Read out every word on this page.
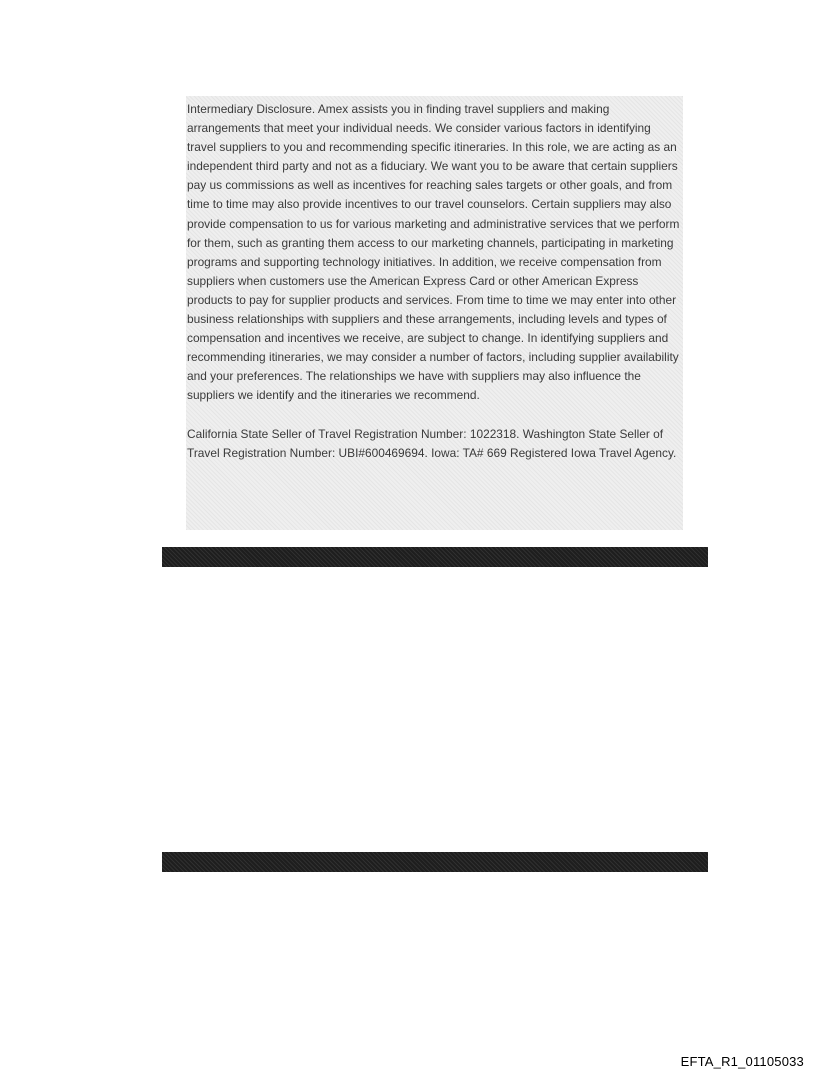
Intermediary Disclosure. Amex assists you in finding travel suppliers and making arrangements that meet your individual needs. We consider various factors in identifying travel suppliers to you and recommending specific itineraries. In this role, we are acting as an independent third party and not as a fiduciary. We want you to be aware that certain suppliers pay us commissions as well as incentives for reaching sales targets or other goals, and from time to time may also provide incentives to our travel counselors. Certain suppliers may also provide compensation to us for various marketing and administrative services that we perform for them, such as granting them access to our marketing channels, participating in marketing programs and supporting technology initiatives. In addition, we receive compensation from suppliers when customers use the American Express Card or other American Express products to pay for supplier products and services. From time to time we may enter into other business relationships with suppliers and these arrangements, including levels and types of compensation and incentives we receive, are subject to change. In identifying suppliers and recommending itineraries, we may consider a number of factors, including supplier availability and your preferences. The relationships we have with suppliers may also influence the suppliers we identify and the itineraries we recommend.

California State Seller of Travel Registration Number: 1022318. Washington State Seller of Travel Registration Number: UBI#600469694. Iowa: TA# 669 Registered Iowa Travel Agency.

EFTA_R1_01105033
